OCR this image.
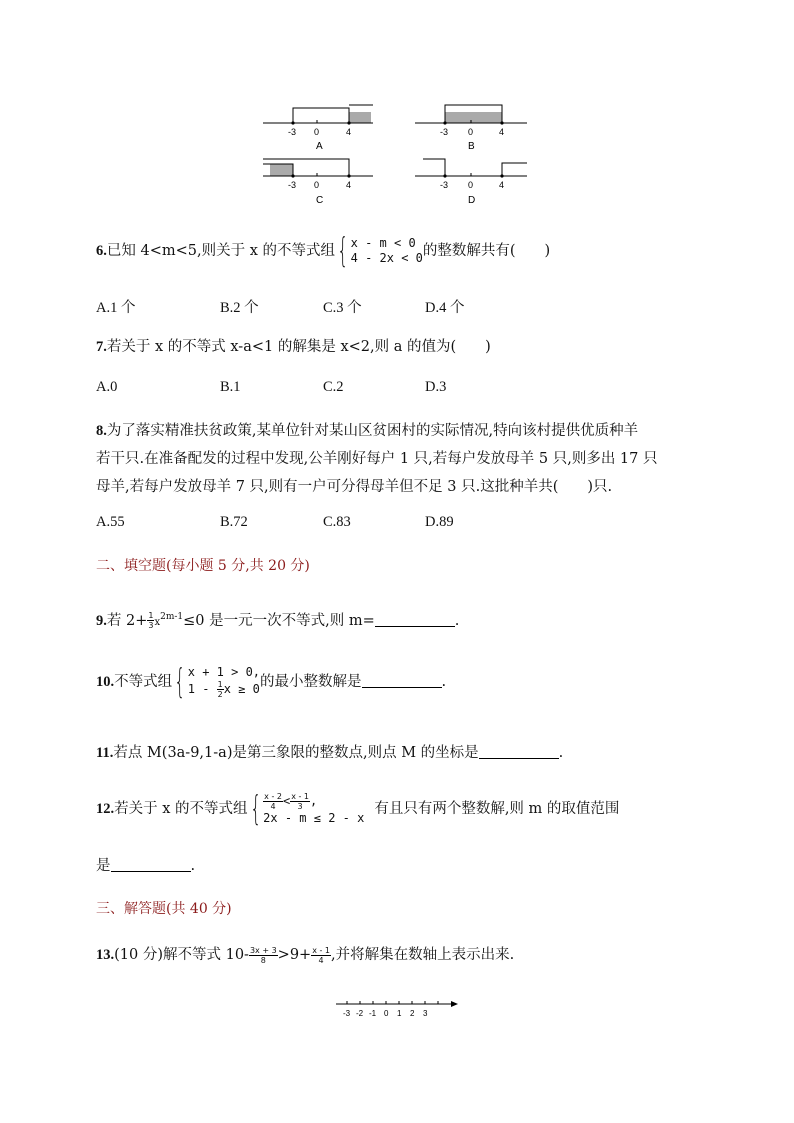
-3 0	4
A
-3 0	4
B
-3 0	4
C
-3 0	4
D
6.已知 4<m<5,则关于 x 的不等式组{ x - m < 0
4 - 2x < 0 的整数解共有(　　)
A.1 个	B.2 个	C.3 个	D.4 个
7.若关于 x 的不等式 x-a<1 的解集是 x<2,则 a 的值为(　　)
A.0	B.1	C.2	D.3
8.为了落实精准扶贫政策,某单位针对某山区贫困村的实际情况,特向该村提供优质种羊
若干只.在准备配发的过程中发现,公羊刚好每户 1 只,若每户发放母羊 5 只,则多出 17 只
母羊,若每户发放母羊 7 只,则有一户可分得母羊但不足 3 只.这批种羊共(　　)只.
A.55	B.72	C.83	D.89
二、填空题(每小题 5 分,共 20 分)
9.若 $2+ \frac{1}{3} x^{2m-1}\le 0$ 是一元一次不等式,则 m=	.
10.不等式组{ x + 1 > 0,
$1 - \frac{1}{2}$ x ≥ 0 的最小整数解是	.
11.若点 M(3a-9,1-a)是第三象限的整数点,则点 M 的坐标是	.
12.若关于 x 的不等式组{ $\frac{x - 2}{4} < \frac{x - 1}{3}$ ,
2x - m ≤ 2 - x
有且只有两个整数解,则 m 的取值范围
是	.
三、解答题(共 40 分)
13.(10 分)解不等式 $10- \frac{3x + 3}{8} >9+ \frac{x - 1}{4}$ ,并将解集在数轴上表示出来.
-3 -2 -1 0 1 2 3
